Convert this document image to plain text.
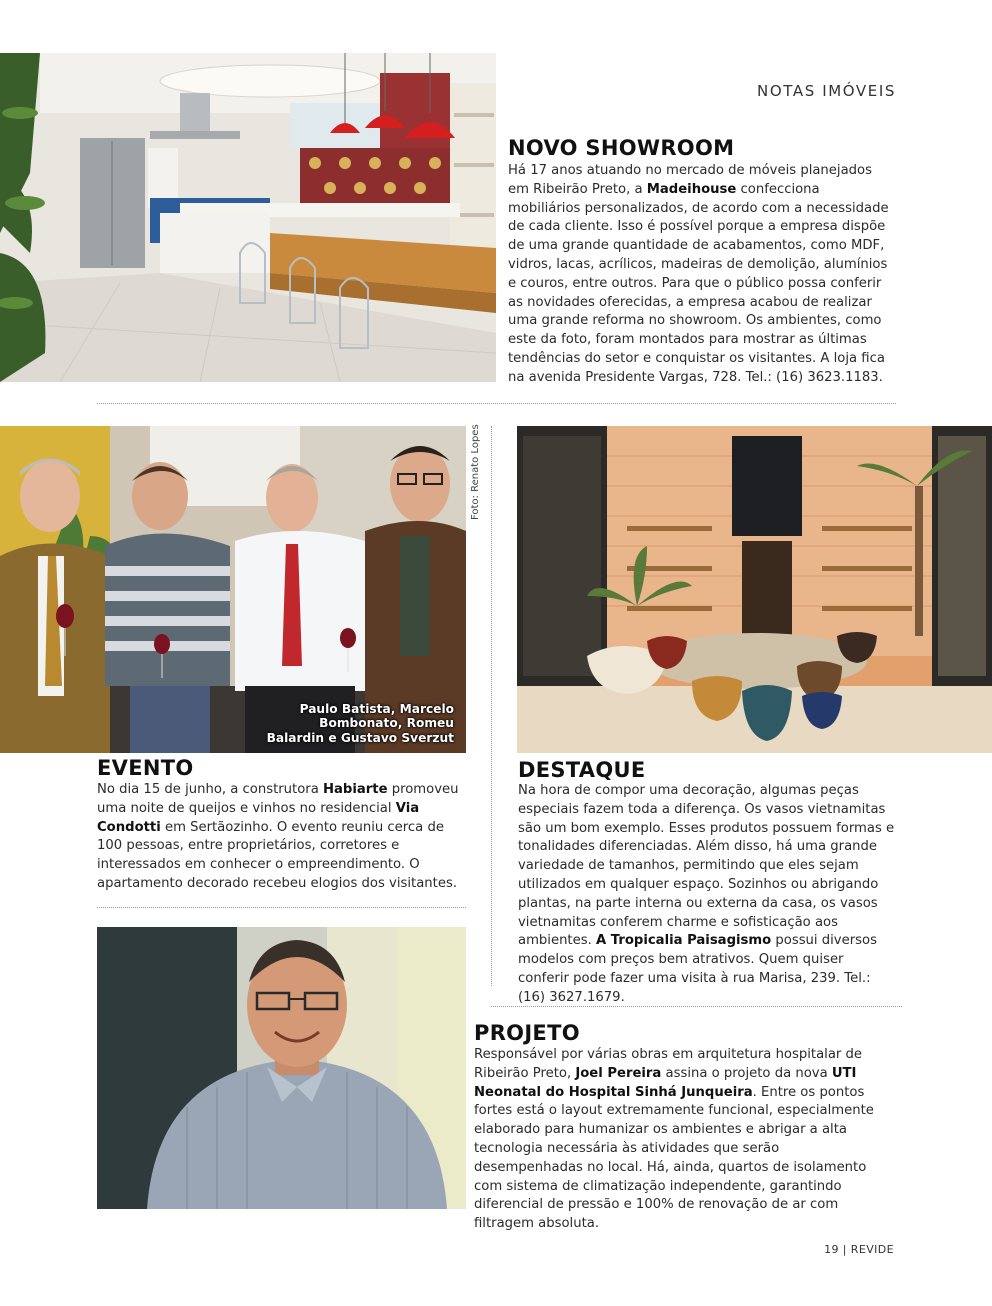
NOTAS IMÓVEIS
NOVO SHOWROOM

Há 17 anos atuando no mercado de móveis planejados em Ribeirão Preto, a Madeihouse confecciona mobiliários personalizados, de acordo com a necessidade de cada cliente. Isso é possível porque a empresa dispõe de uma grande quantidade de acabamentos, como MDF, vidros, lacas, acrílicos, madeiras de demolição, alumínios e couros, entre outros. Para que o público possa conferir as novidades oferecidas, a empresa acabou de realizar uma grande reforma no showroom. Os ambientes, como este da foto, foram montados para mostrar as últimas tendências do setor e conquistar os visitantes. A loja fica na avenida Presidente Vargas, 728. Tel.: (16) 3623.1183.

Paulo Batista, Marcelo
Bombonato, Romeu
Balardin e Gustavo Sverzut
Foto: Renato Lopes
EVENTO

No dia 15 de junho, a construtora Habiarte promoveu uma noite de queijos e vinhos no residencial Via Condotti em Sertãozinho. O evento reuniu cerca de 100 pessoas, entre proprietários, corretores e interessados em conhecer o empreendimento. O apartamento decorado recebeu elogios dos visitantes.

DESTAQUE

Na hora de compor uma decoração, algumas peças especiais fazem toda a diferença. Os vasos vietnamitas são um bom exemplo. Esses produtos possuem formas e tonalidades diferenciadas. Além disso, há uma grande variedade de tamanhos, permitindo que eles sejam utilizados em qualquer espaço. Sozinhos ou abrigando plantas, na parte interna ou externa da casa, os vasos vietnamitas conferem charme e sofisticação aos ambientes. A Tropicalia Paisagismo possui diversos modelos com preços bem atrativos. Quem quiser conferir pode fazer uma visita à rua Marisa, 239. Tel.: (16) 3627.1679.

PROJETO

Responsável por várias obras em arquitetura hospitalar de Ribeirão Preto, Joel Pereira assina o projeto da nova UTI Neonatal do Hospital Sinhá Junqueira. Entre os pontos fortes está o layout extremamente funcional, especialmente elaborado para humanizar os ambientes e abrigar a alta tecnologia necessária às atividades que serão desempenhadas no local. Há, ainda, quartos de isolamento com sistema de climatização independente, garantindo diferencial de pressão e 100% de renovação de ar com filtragem absoluta.

19 | REVIDE
